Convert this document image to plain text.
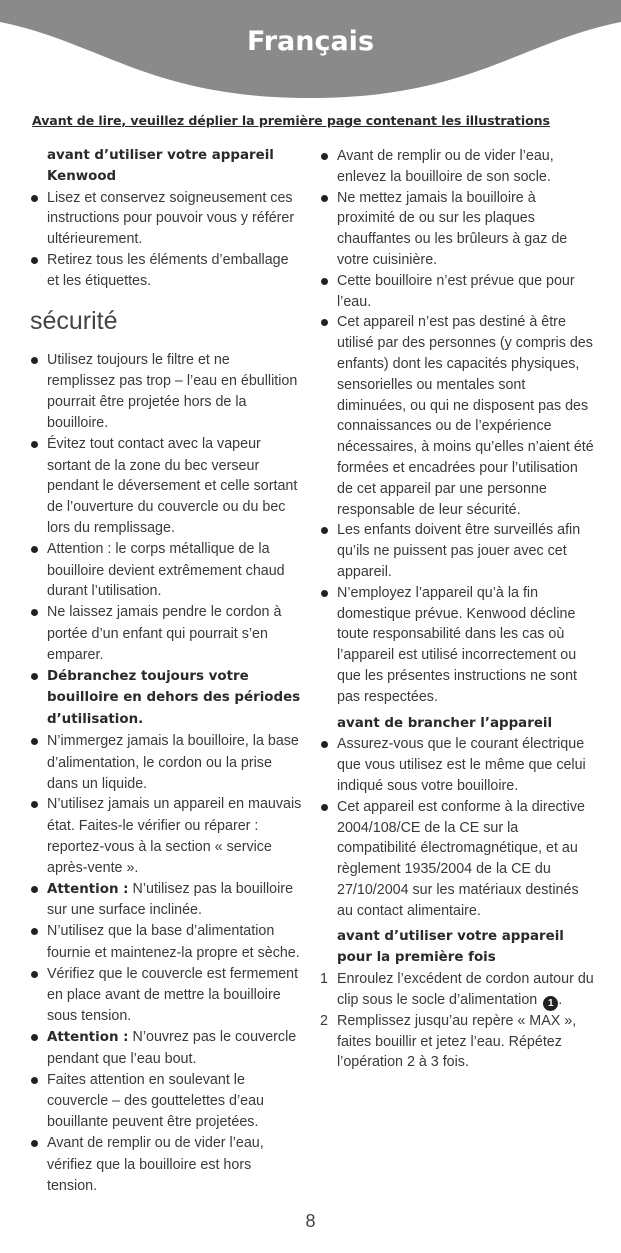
Français
Avant de lire, veuillez déplier la première page contenant les illustrations

avant d’utiliser votre appareil Kenwood

Lisez et conservez soigneusement ces instructions pour pouvoir vous y référer ultérieurement.
Retirez tous les éléments d’emballage et les étiquettes.
sécurité
Utilisez toujours le filtre et ne remplissez pas trop – l’eau en ébullition pourrait être projetée hors de la bouilloire.
Évitez tout contact avec la vapeur sortant de la zone du bec verseur pendant le déversement et celle sortant de l’ouverture du couvercle ou du bec lors du remplissage.
Attention : le corps métallique de la bouilloire devient extrêmement chaud durant l’utilisation.
Ne laissez jamais pendre le cordon à portée d’un enfant qui pourrait s’en emparer.
Débranchez toujours votre bouilloire en dehors des périodes d’utilisation.
N’immergez jamais la bouilloire, la base d’alimentation, le cordon ou la prise dans un liquide.
N’utilisez jamais un appareil en mauvais état. Faites-le vérifier ou réparer : reportez-vous à la section « service après-vente ».
Attention : N’utilisez pas la bouilloire sur une surface inclinée.
N’utilisez que la base d’alimentation fournie et maintenez-la propre et sèche.
Vérifiez que le couvercle est fermement en place avant de mettre la bouilloire sous tension.
Attention : N’ouvrez pas le couvercle pendant que l’eau bout.
Faites attention en soulevant le couvercle – des gouttelettes d’eau bouillante peuvent être projetées.
Avant de remplir ou de vider l’eau, vérifiez que la bouilloire est hors tension.
Avant de remplir ou de vider l’eau, enlevez la bouilloire de son socle.
Ne mettez jamais la bouilloire à proximité de ou sur les plaques chauffantes ou les brûleurs à gaz de votre cuisinière.
Cette bouilloire n’est prévue que pour l’eau.
Cet appareil n’est pas destiné à être utilisé par des personnes (y compris des enfants) dont les capacités physiques, sensorielles ou mentales sont diminuées, ou qui ne disposent pas des connaissances ou de l’expérience nécessaires, à moins qu’elles n’aient été formées et encadrées pour l’utilisation de cet appareil par une personne responsable de leur sécurité.
Les enfants doivent être surveillés afin qu’ils ne puissent pas jouer avec cet appareil.
N’employez l’appareil qu’à la fin domestique prévue. Kenwood décline toute responsabilité dans les cas où l’appareil est utilisé incorrectement ou que les présentes instructions ne sont pas respectées.

avant de brancher l’appareil

Assurez-vous que le courant électrique que vous utilisez est le même que celui indiqué sous votre bouilloire.
Cet appareil est conforme à la directive 2004/108/CE de la CE sur la compatibilité électromagnétique, et au règlement 1935/2004 de la CE du 27/10/2004 sur les matériaux destinés au contact alimentaire.

avant d’utiliser votre appareil pour la première fois

1 Enroulez l’excédent de cordon autour du clip sous le socle d’alimentation 1 .
2 Remplissez jusqu’au repère « MAX », faites bouillir et jetez l’eau. Répétez l’opération 2 à 3 fois.
8
